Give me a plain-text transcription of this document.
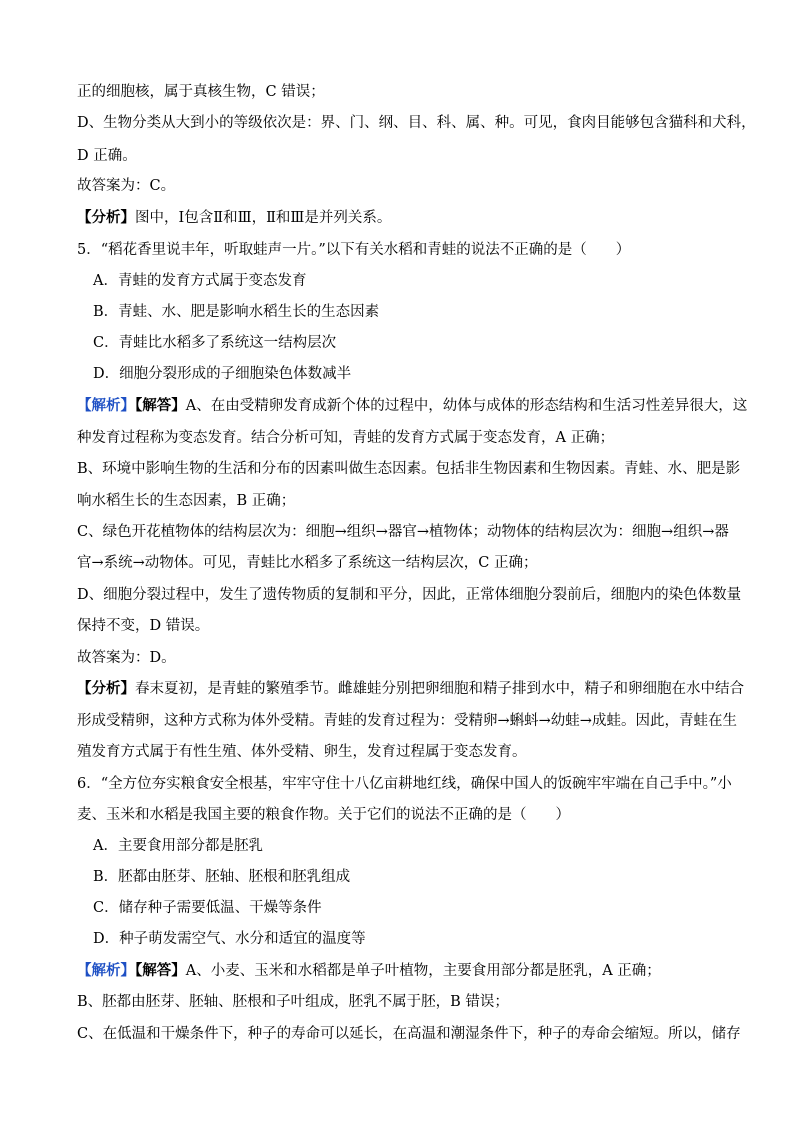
正的细胞核，属于真核生物，C 错误；
D、生物分类从大到小的等级依次是：界、门、纲、目、科、属、种。可见，食肉目能够包含猫科和犬科，
D 正确。
故答案为：C。
【分析】图中，Ⅰ包含Ⅱ和Ⅲ，Ⅱ和Ⅲ是并列关系。
5．“稻花香里说丰年，听取蛙声一片。”以下有关水稻和青蛙的说法不正确的是（　　）
A．青蛙的发育方式属于变态发育
B．青蛙、水、肥是影响水稻生长的生态因素
C．青蛙比水稻多了系统这一结构层次
D．细胞分裂形成的子细胞染色体数减半
【解析】【解答】A、在由受精卵发育成新个体的过程中，幼体与成体的形态结构和生活习性差异很大，这
种发育过程称为变态发育。结合分析可知，青蛙的发育方式属于变态发育，A 正确；
B、环境中影响生物的生活和分布的因素叫做生态因素。包括非生物因素和生物因素。青蛙、水、肥是影
响水稻生长的生态因素，B 正确；
C、绿色开花植物体的结构层次为：细胞→组织→器官→植物体；动物体的结构层次为：细胞→组织→器
官→系统→动物体。可见，青蛙比水稻多了系统这一结构层次，C 正确；
D、细胞分裂过程中，发生了遗传物质的复制和平分，因此，正常体细胞分裂前后，细胞内的染色体数量
保持不变，D 错误。
故答案为：D。
【分析】春末夏初，是青蛙的繁殖季节。雌雄蛙分别把卵细胞和精子排到水中，精子和卵细胞在水中结合
形成受精卵，这种方式称为体外受精。青蛙的发育过程为：受精卵→蝌蚪→幼蛙→成蛙。因此，青蛙在生
殖发育方式属于有性生殖、体外受精、卵生，发育过程属于变态发育。
6．“全方位夯实粮食安全根基，牢牢守住十八亿亩耕地红线，确保中国人的饭碗牢牢端在自己手中。”小
麦、玉米和水稻是我国主要的粮食作物。关于它们的说法不正确的是（　　）
A．主要食用部分都是胚乳
B．胚都由胚芽、胚轴、胚根和胚乳组成
C．储存种子需要低温、干燥等条件
D．种子萌发需空气、水分和适宜的温度等
【解析】【解答】A、小麦、玉米和水稻都是单子叶植物，主要食用部分都是胚乳，A 正确；
B、胚都由胚芽、胚轴、胚根和子叶组成，胚乳不属于胚，B 错误；
C、在低温和干燥条件下，种子的寿命可以延长，在高温和潮湿条件下，种子的寿命会缩短。所以，储存
